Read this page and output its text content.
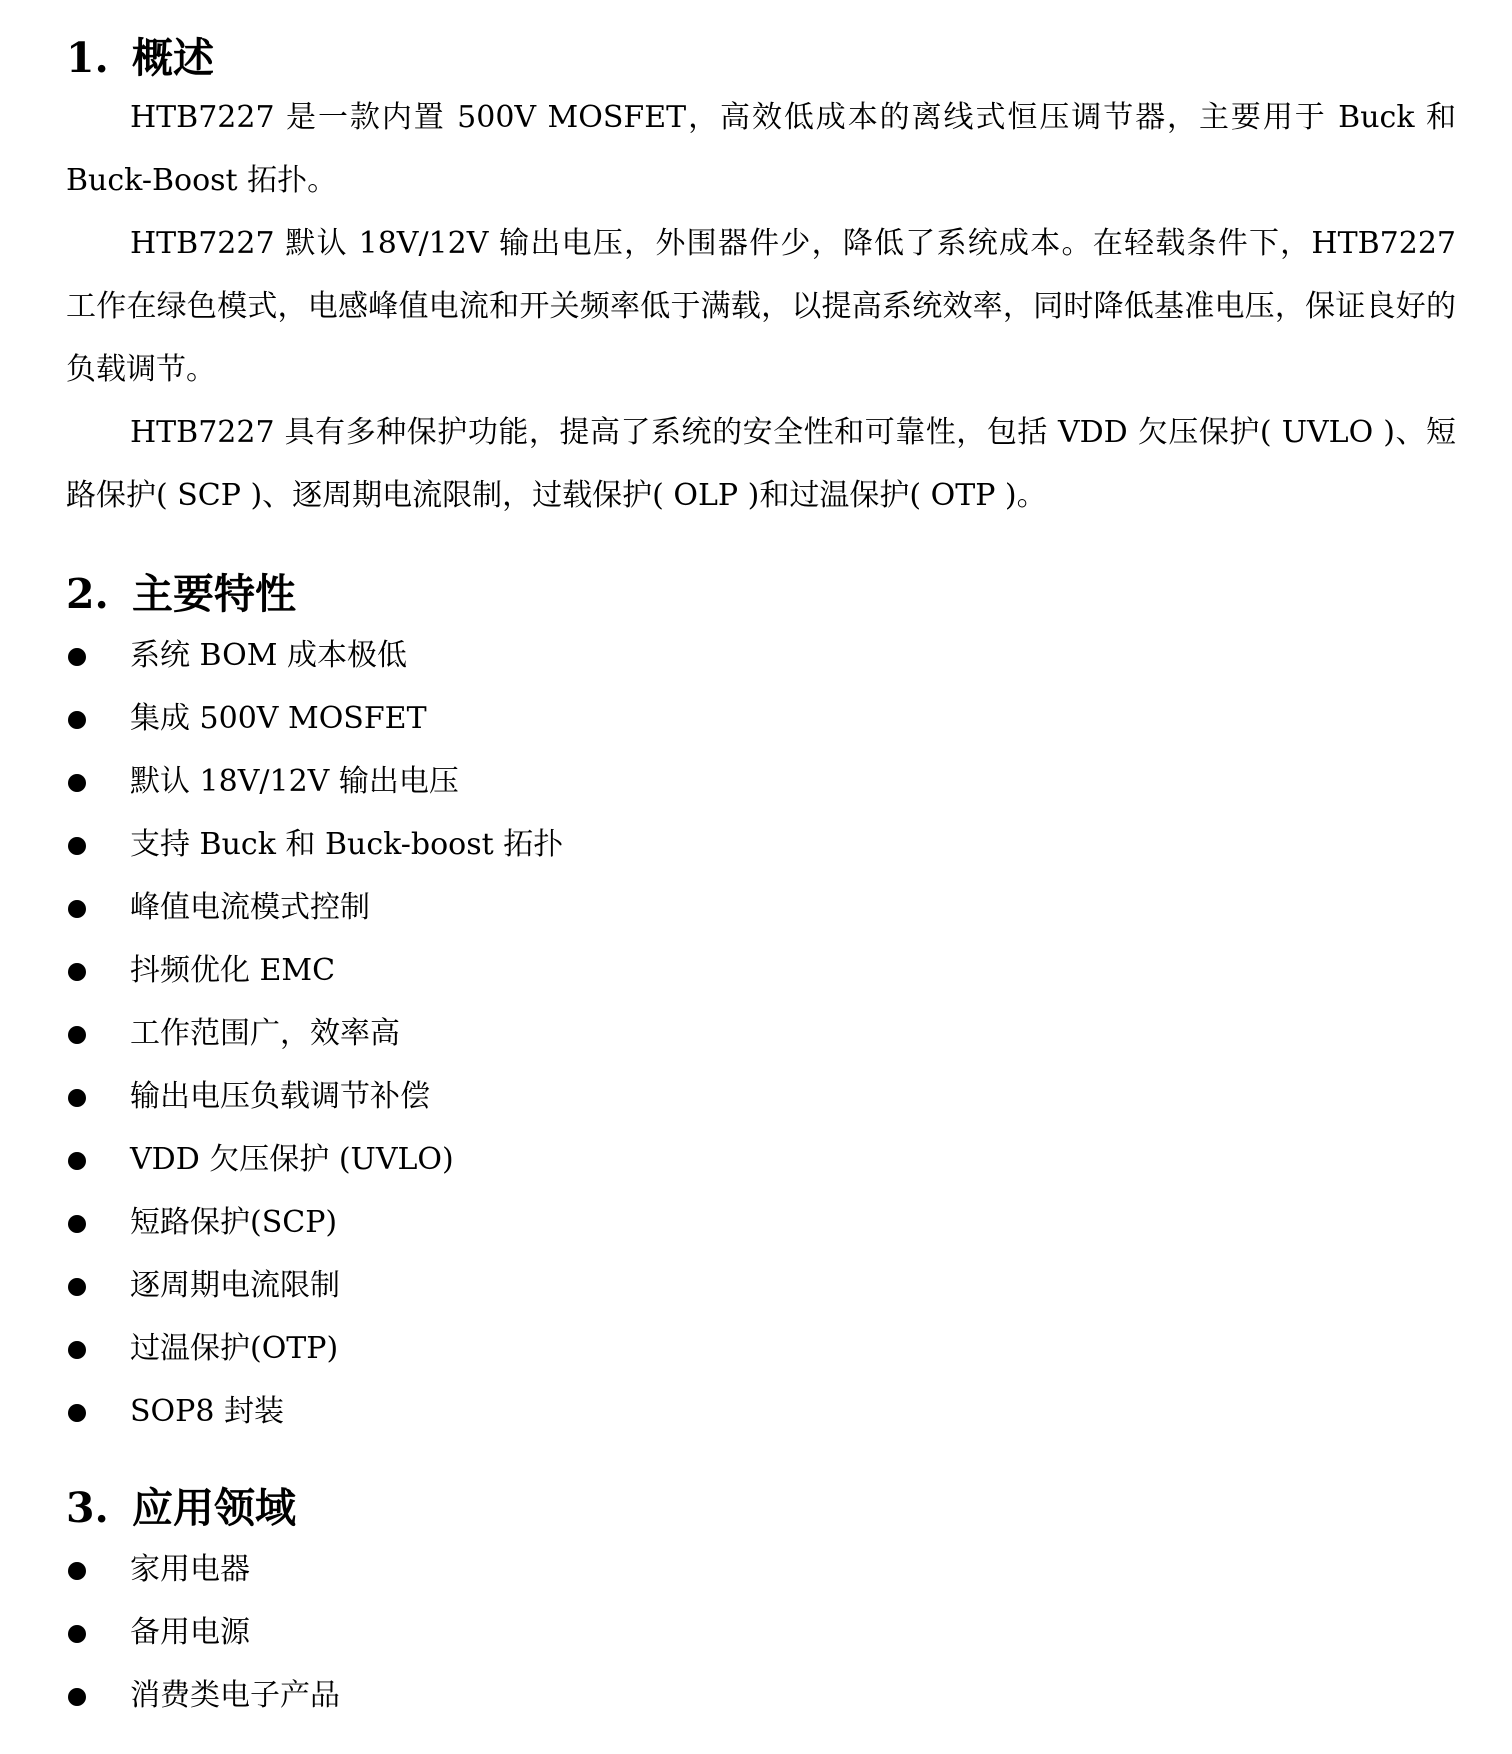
1. 概述

HTB7227 是一款内置 500V MOSFET，高效低成本的离线式恒压调节器，主要用于 Buck 和 Buck-Boost 拓扑。

HTB7227 默认 18V/12V 输出电压，外围器件少，降低了系统成本。在轻载条件下，HTB7227 工作在绿色模式，电感峰值电流和开关频率低于满载，以提高系统效率，同时降低基准电压，保证良好的负载调节。

HTB7227 具有多种保护功能，提高了系统的安全性和可靠性，包括 VDD 欠压保护( UVLO )、短路保护( SCP )、逐周期电流限制，过载保护( OLP )和过温保护( OTP )。

2. 主要特性
系统 BOM 成本极低
集成 500V MOSFET
默认 18V/12V 输出电压
支持 Buck 和 Buck-boost 拓扑
峰值电流模式控制
抖频优化 EMC
工作范围广，效率高
输出电压负载调节补偿
VDD 欠压保护 (UVLO)
短路保护(SCP)
逐周期电流限制
过温保护(OTP)
SOP8 封装
3. 应用领域
家用电器
备用电源
消费类电子产品
